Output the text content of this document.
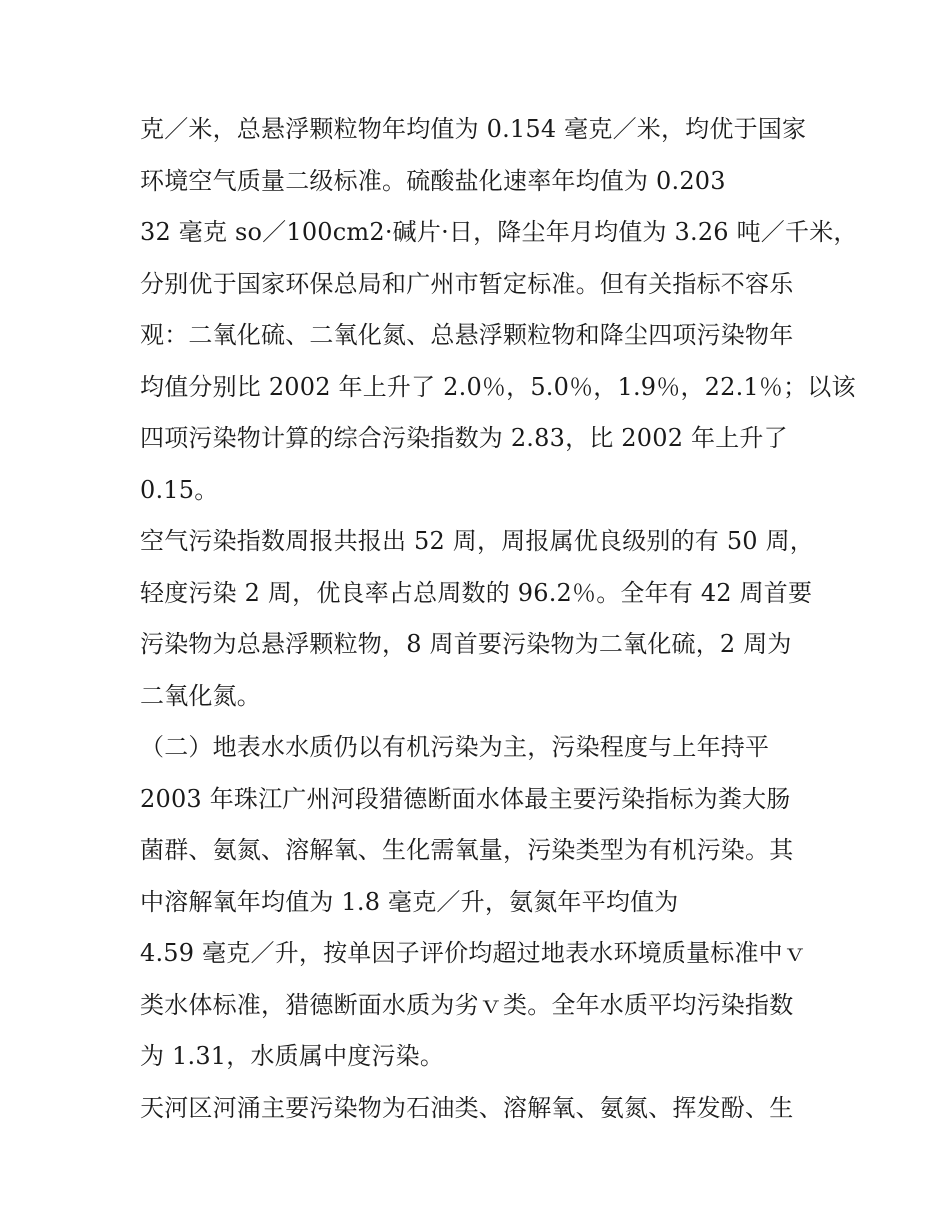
克／米，总悬浮颗粒物年均值为 0.154 毫克／米，均优于国家
环境空气质量二级标准。硫酸盐化速率年均值为 0.203
32 毫克 so／100cm2·碱片·日，降尘年月均值为 3.26 吨／千米，
分别优于国家环保总局和广州市暂定标准。但有关指标不容乐
观：二氧化硫、二氧化氮、总悬浮颗粒物和降尘四项污染物年
均值分别比 2002 年上升了 2.0％，5.0％，1.9％，22.1％；以该
四项污染物计算的综合污染指数为 2.83，比 2002 年上升了
0.15。
空气污染指数周报共报出 52 周，周报属优良级别的有 50 周，
轻度污染 2 周，优良率占总周数的 96.2％。全年有 42 周首要
污染物为总悬浮颗粒物，8 周首要污染物为二氧化硫，2 周为
二氧化氮。
（二）地表水水质仍以有机污染为主，污染程度与上年持平
2003 年珠江广州河段猎德断面水体最主要污染指标为粪大肠
菌群、氨氮、溶解氧、生化需氧量，污染类型为有机污染。其
中溶解氧年均值为 1.8 毫克／升，氨氮年平均值为
4.59 毫克／升，按单因子评价均超过地表水环境质量标准中ｖ
类水体标准，猎德断面水质为劣ｖ类。全年水质平均污染指数
为 1.31，水质属中度污染。
天河区河涌主要污染物为石油类、溶解氧、氨氮、挥发酚、生
